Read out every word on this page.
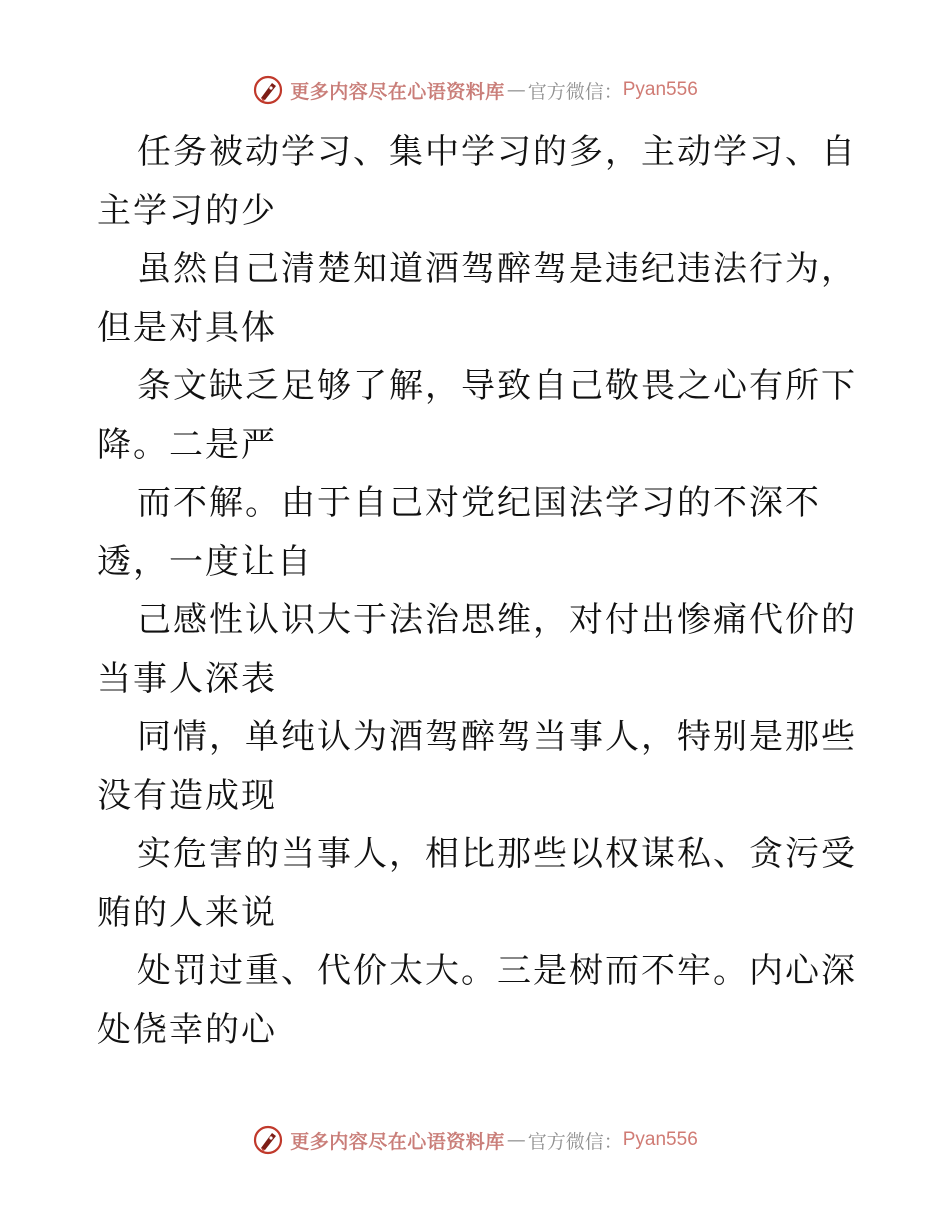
更多内容尽在心语资料库 — 官方微信： Pyan556

任务被动学习、集中学习的多，主动学习、自主学习的少

虽然自己清楚知道酒驾醉驾是违纪违法行为，但是对具体

条文缺乏足够了解，导致自己敬畏之心有所下降。二是严

而不解。由于自己对党纪国法学习的不深不透，一度让自

己感性认识大于法治思维，对付出惨痛代价的当事人深表

同情，单纯认为酒驾醉驾当事人，特别是那些没有造成现

实危害的当事人，相比那些以权谋私、贪污受贿的人来说

处罚过重、代价太大。三是树而不牢。内心深处侥幸的心

更多内容尽在心语资料库 — 官方微信： Pyan556
